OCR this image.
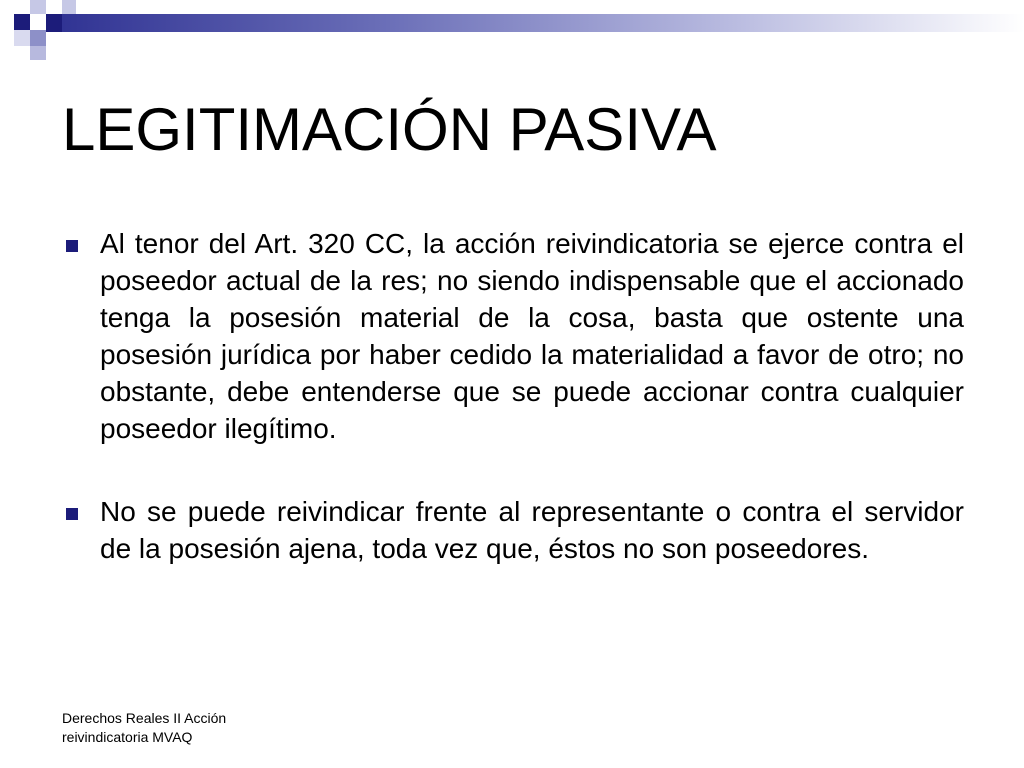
LEGITIMACIÓN PASIVA
Al tenor del Art. 320 CC, la acción reivindicatoria se ejerce contra el poseedor actual de la res; no siendo indispensable que el accionado tenga la posesión material de la cosa, basta que ostente una posesión jurídica por haber cedido la materialidad a favor de otro; no obstante, debe entenderse que se puede accionar contra cualquier poseedor ilegítimo.
No se puede reivindicar frente al representante o contra el servidor de la posesión ajena, toda vez que, éstos no son poseedores.

Derechos Reales II Acción reivindicatoria MVAQ
